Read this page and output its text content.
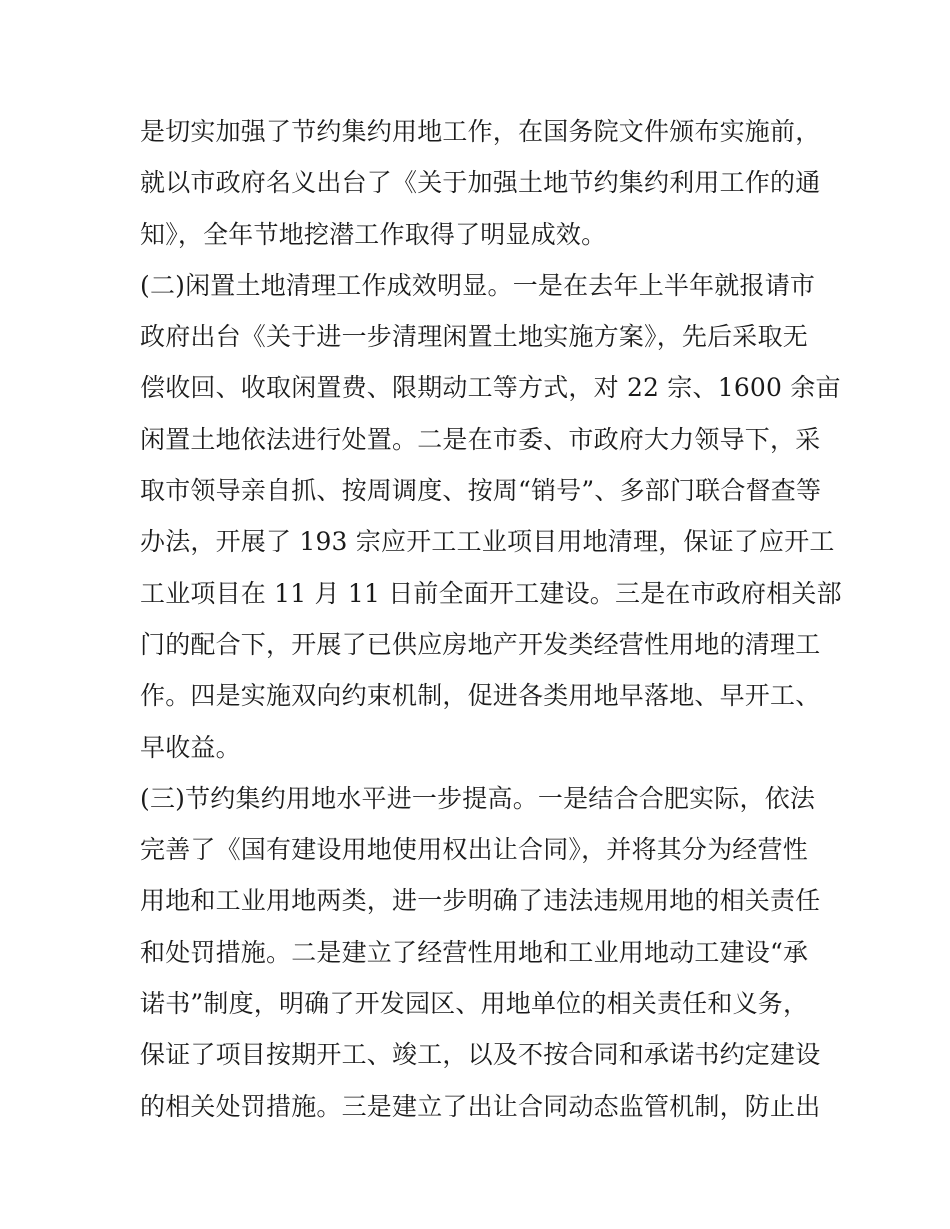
是切实加强了节约集约用地工作，在国务院文件颁布实施前，
就以市政府名义出台了《关于加强土地节约集约利用工作的通
知》，全年节地挖潜工作取得了明显成效。
(二)闲置土地清理工作成效明显。一是在去年上半年就报请市
政府出台《关于进一步清理闲置土地实施方案》，先后采取无
偿收回、收取闲置费、限期动工等方式，对 22 宗、1600 余亩
闲置土地依法进行处置。二是在市委、市政府大力领导下，采
取市领导亲自抓、按周调度、按周“销号”、多部门联合督查等
办法，开展了 193 宗应开工工业项目用地清理，保证了应开工
工业项目在 11 月 11 日前全面开工建设。三是在市政府相关部
门的配合下，开展了已供应房地产开发类经营性用地的清理工
作。四是实施双向约束机制，促进各类用地早落地、早开工、
早收益。
(三)节约集约用地水平进一步提高。一是结合合肥实际，依法
完善了《国有建设用地使用权出让合同》，并将其分为经营性
用地和工业用地两类，进一步明确了违法违规用地的相关责任
和处罚措施。二是建立了经营性用地和工业用地动工建设“承
诺书”制度，明确了开发园区、用地单位的相关责任和义务，
保证了项目按期开工、竣工，以及不按合同和承诺书约定建设
的相关处罚措施。三是建立了出让合同动态监管机制，防止出
